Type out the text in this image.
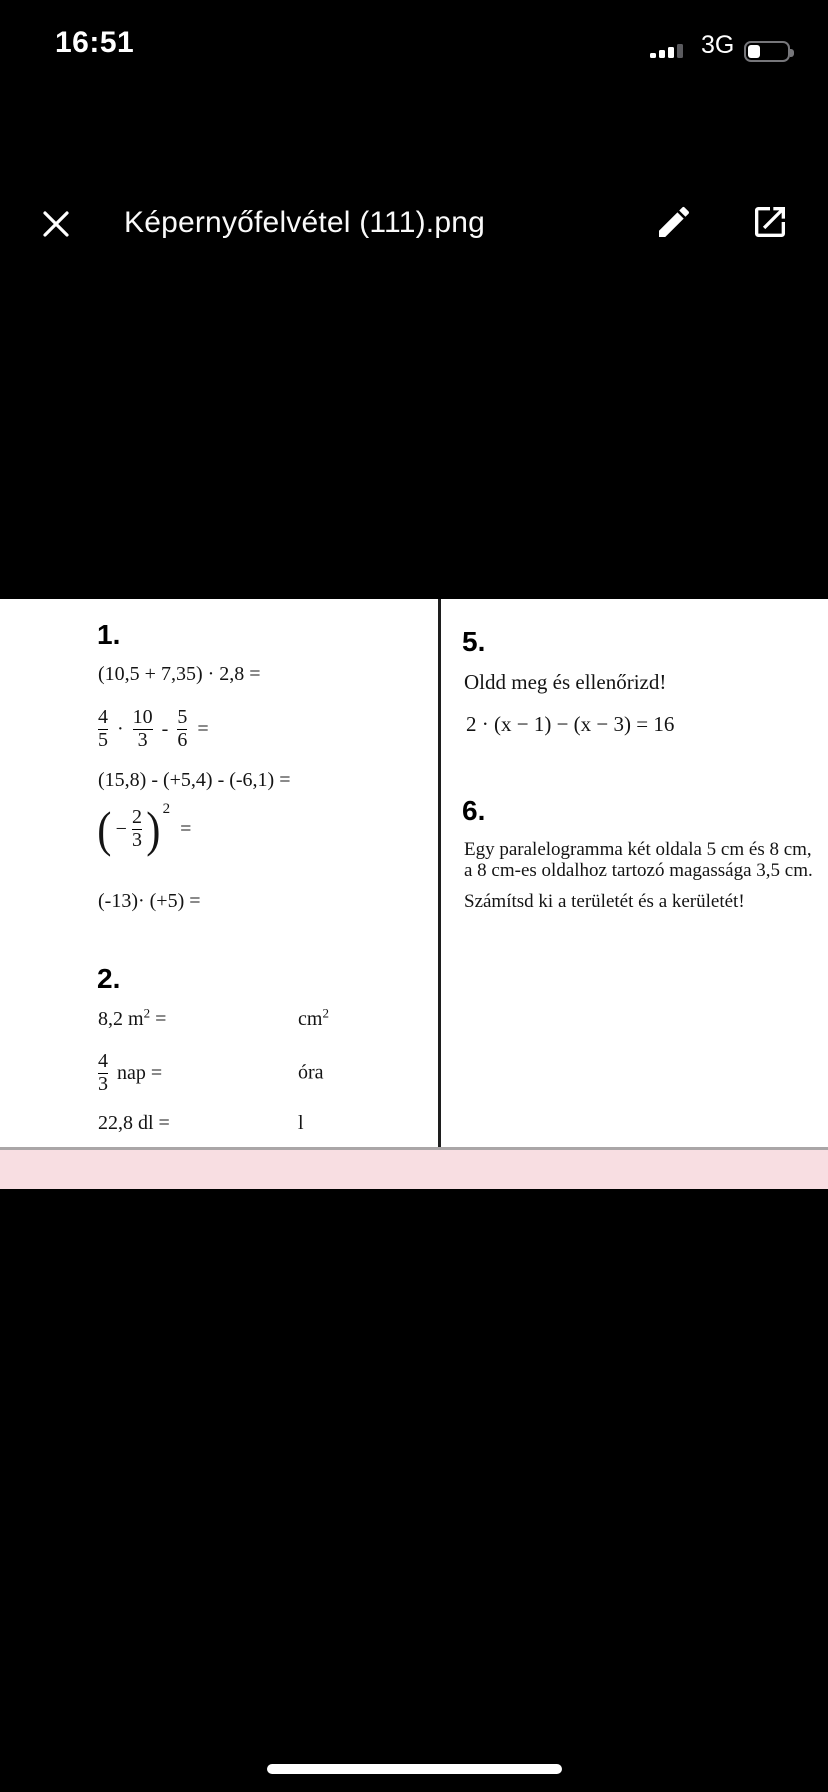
16:51	3G
Képernyőfelvétel (111).png
1.
(10,5 + 7,35) · 2,8 =
$\frac{4}{5} \cdot \frac{10}{3} - \frac{5}{6}$ =
(15,8) - (+5,4) - (-6,1) =
( − $\frac{2}{3}$ ) 2
=
(-13)· (+5) =
2.
8,2 $m^2$ =	$cm^2$
$\frac{4}{3}$ nap =	óra
22,8 dl =	l
5.
Oldd meg és ellenőrizd!
2 · (x − 1) − (x − 3) = 16
6.
Egy paralelogramma két oldala 5 cm és 8 cm,
a 8 cm-es oldalhoz tartozó magassága 3,5 cm.
Számítsd ki a területét és a kerületét!
